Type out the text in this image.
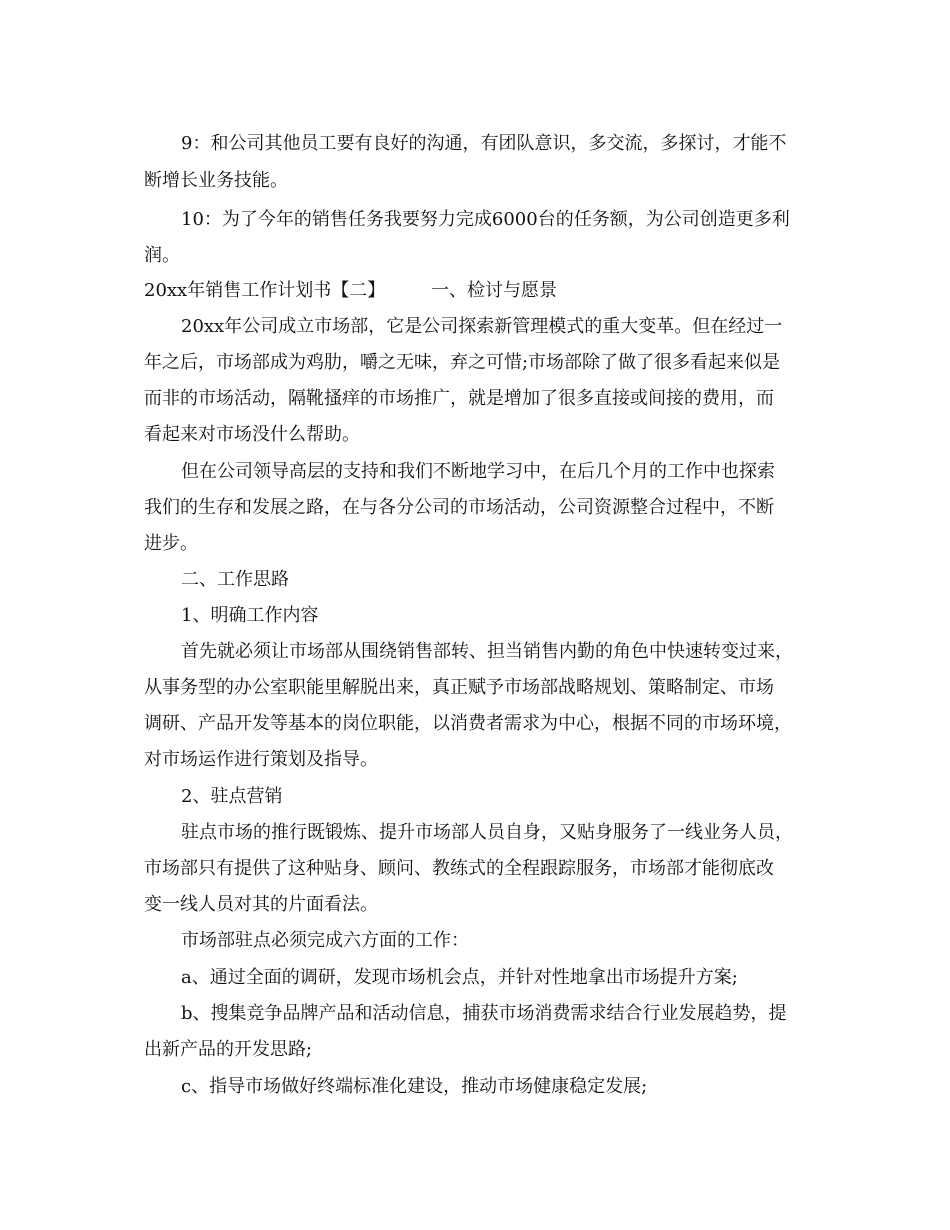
9：和公司其他员工要有良好的沟通，有团队意识，多交流，多探讨，才能不
断增长业务技能。
10：为了今年的销售任务我要努力完成6000台的任务额，为公司创造更多利
润。
20xx年销售工作计划书【二】        一、检讨与愿景
20xx年公司成立市场部，它是公司探索新管理模式的重大变革。但在经过一
年之后，市场部成为鸡肋，嚼之无味，弃之可惜;市场部除了做了很多看起来似是
而非的市场活动，隔靴搔痒的市场推广，就是增加了很多直接或间接的费用，而
看起来对市场没什么帮助。
但在公司领导高层的支持和我们不断地学习中，在后几个月的工作中也探索
我们的生存和发展之路，在与各分公司的市场活动，公司资源整合过程中，不断
进步。
二、工作思路
1、明确工作内容
首先就必须让市场部从围绕销售部转、担当销售内勤的角色中快速转变过来，
从事务型的办公室职能里解脱出来，真正赋予市场部战略规划、策略制定、市场
调研、产品开发等基本的岗位职能，以消费者需求为中心，根据不同的市场环境，
对市场运作进行策划及指导。
2、驻点营销
驻点市场的推行既锻炼、提升市场部人员自身，又贴身服务了一线业务人员，
市场部只有提供了这种贴身、顾问、教练式的全程跟踪服务，市场部才能彻底改
变一线人员对其的片面看法。
市场部驻点必须完成六方面的工作：
a、通过全面的调研，发现市场机会点，并针对性地拿出市场提升方案;
b、搜集竞争品牌产品和活动信息，捕获市场消费需求结合行业发展趋势，提
出新产品的开发思路;
c、指导市场做好终端标准化建设，推动市场健康稳定发展;
